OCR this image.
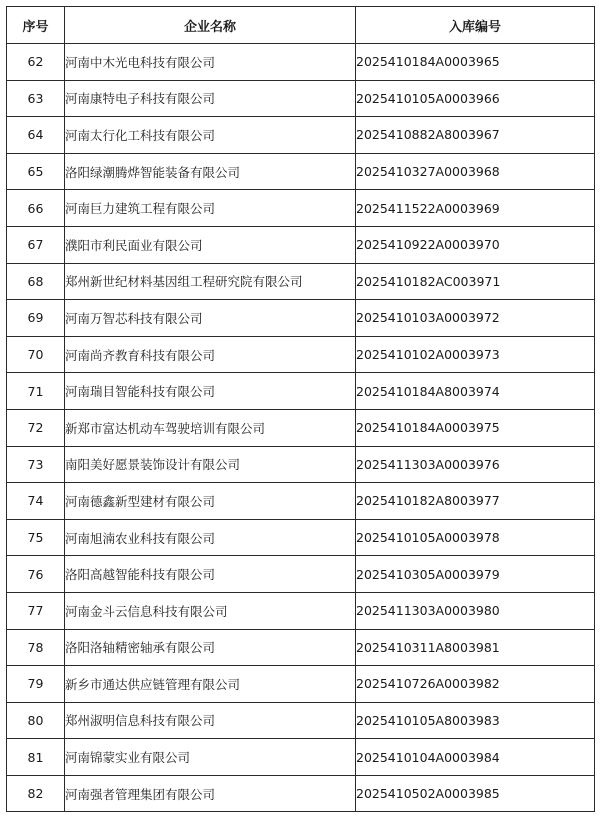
序号	企业名称	入库编号
62	河南中木光电科技有限公司	2025410184A0003965
63	河南康特电子科技有限公司	2025410105A0003966
64	河南太行化工科技有限公司	2025410882A8003967
65	洛阳绿潮腾烨智能装备有限公司	2025410327A0003968
66	河南巨力建筑工程有限公司	2025411522A0003969
67	濮阳市利民面业有限公司	2025410922A0003970
68	郑州新世纪材料基因组工程研究院有限公司	2025410182AC003971
69	河南万智芯科技有限公司	2025410103A0003972
70	河南尚齐教育科技有限公司	2025410102A0003973
71	河南瑞目智能科技有限公司	2025410184A8003974
72	新郑市富达机动车驾驶培训有限公司	2025410184A0003975
73	南阳美好愿景装饰设计有限公司	2025411303A0003976
74	河南德鑫新型建材有限公司	2025410182A8003977
75	河南旭湳农业科技有限公司	2025410105A0003978
76	洛阳高越智能科技有限公司	2025410305A0003979
77	河南金斗云信息科技有限公司	2025411303A0003980
78	洛阳洛轴精密轴承有限公司	2025410311A8003981
79	新乡市通达供应链管理有限公司	2025410726A0003982
80	郑州淑明信息科技有限公司	2025410105A8003983
81	河南锦蒙实业有限公司	2025410104A0003984
82	河南强者管理集团有限公司	2025410502A0003985
